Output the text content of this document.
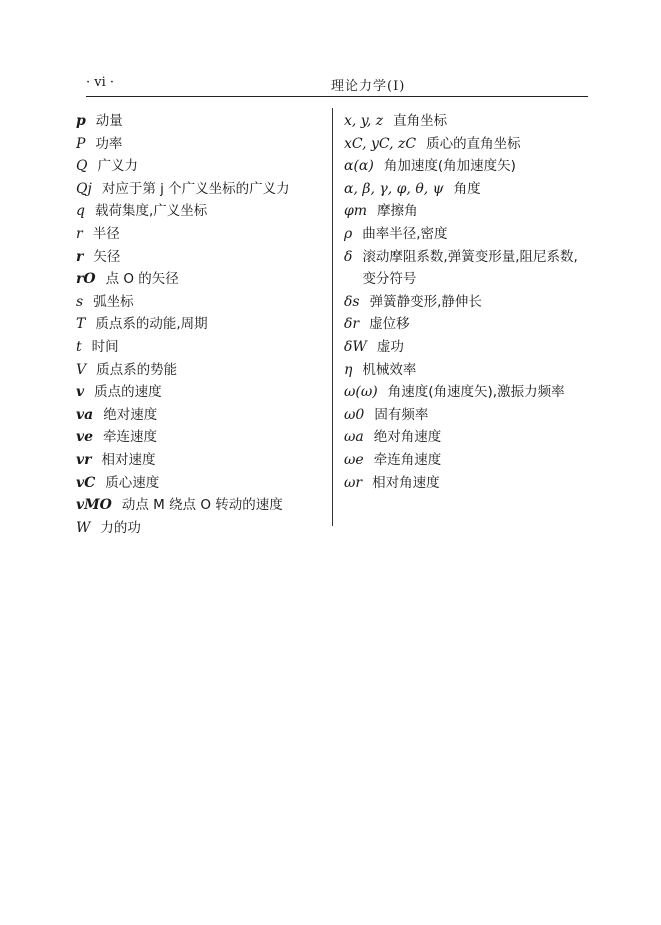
· vi ·	理论力学(Ⅰ)
p 动量
P 功率
Q 广义力
Qj 对应于第 j 个广义坐标的广义力
q 载荷集度,广义坐标
r 半径
r 矢径
rO 点 O 的矢径
s 弧坐标
T 质点系的动能,周期
t 时间
V 质点系的势能
v 质点的速度
va 绝对速度
ve 牵连速度
vr 相对速度
vC 质心速度
vMO 动点 M 绕点 O 转动的速度
W 力的功
x, y, z 直角坐标
xC, yC, zC 质心的直角坐标
α(α) 角加速度(角加速度矢)
α, β, γ, φ, θ, ψ 角度
φm 摩擦角
ρ 曲率半径,密度
δ 滚动摩阻系数,弹簧变形量,阻尼系数,变分符号
δs 弹簧静变形,静伸长
δr 虚位移
δW 虚功
η 机械效率
ω(ω) 角速度(角速度矢),激振力频率
ω0 固有频率
ωa 绝对角速度
ωe 牵连角速度
ωr 相对角速度
